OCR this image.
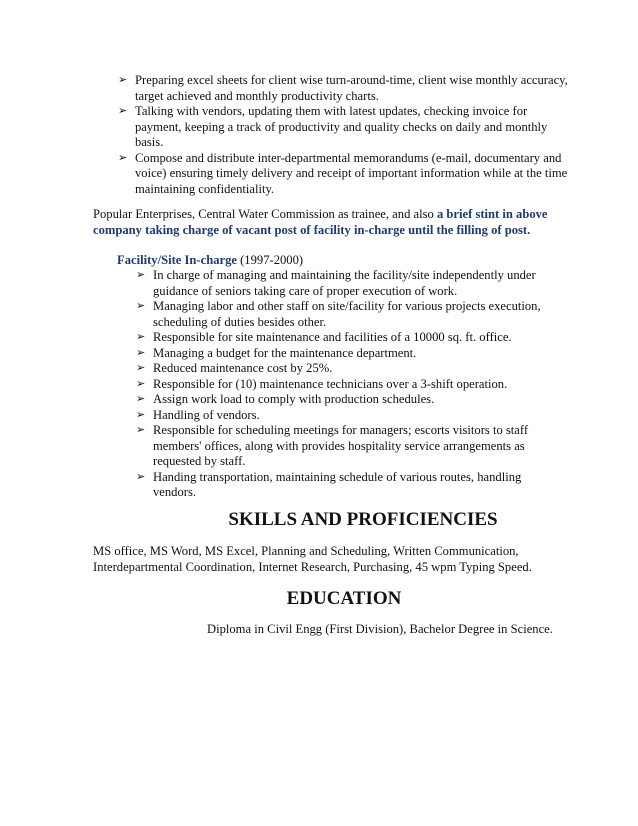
➢ Preparing excel sheets for client wise turn-around-time, client wise monthly accuracy, target achieved and monthly productivity charts.
➢ Talking with vendors, updating them with latest updates, checking invoice for payment, keeping a track of productivity and quality checks on daily and monthly basis.
➢ Compose and distribute inter-departmental memorandums (e-mail, documentary and voice) ensuring timely delivery and receipt of important information while at the time maintaining confidentiality.
Popular Enterprises, Central Water Commission as trainee, and also a brief stint in above company taking charge of vacant post of facility in-charge until the filling of post.
Facility/Site In-charge (1997-2000)
➢ In charge of managing and maintaining the facility/site independently under guidance of seniors taking care of proper execution of work.
➢ Managing labor and other staff on site/facility for various projects execution, scheduling of duties besides other.
➢ Responsible for site maintenance and facilities of a 10000 sq. ft. office.
➢ Managing a budget for the maintenance department.
➢ Reduced maintenance cost by 25%.
➢ Responsible for (10) maintenance technicians over a 3-shift operation.
➢ Assign work load to comply with production schedules.
➢ Handling of vendors.
➢ Responsible for scheduling meetings for managers; escorts visitors to staff members' offices, along with provides hospitality service arrangements as requested by staff.
➢ Handing transportation, maintaining schedule of various routes, handling vendors.
SKILLS AND PROFICIENCIES
MS office, MS Word, MS Excel, Planning and Scheduling, Written Communication, Interdepartmental Coordination, Internet Research, Purchasing, 45 wpm Typing Speed.
EDUCATION
Diploma in Civil Engg (First Division), Bachelor Degree in Science.
